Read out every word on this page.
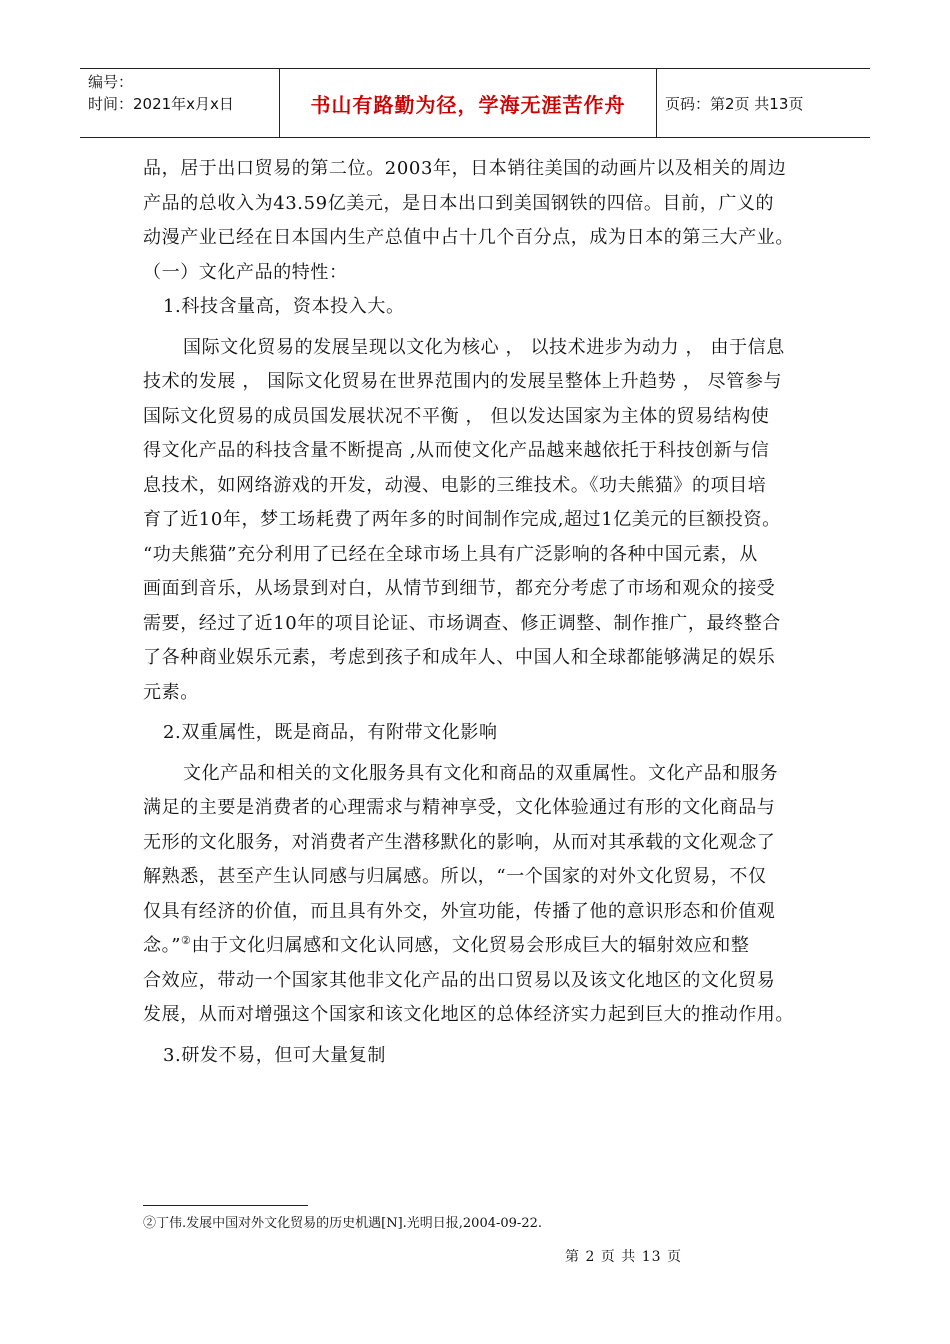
编号：
时间：2021年x月x日	书山有路勤为径，学海无涯苦作舟	页码：第2页 共13页
品，居于出口贸易的第二位。2003年，日本销往美国的动画片以及相关的周边
产品的总收入为43.59亿美元，是日本出口到美国钢铁的四倍。目前，广义的
动漫产业已经在日本国内生产总值中占十几个百分点，成为日本的第三大产业。
（一）文化产品的特性：
1.科技含量高，资本投入大。
国际文化贸易的发展呈现以文化为核心 ， 以技术进步为动力 ， 由于信息
技术的发展 ， 国际文化贸易在世界范围内的发展呈整体上升趋势 ， 尽管参与
国际文化贸易的成员国发展状况不平衡 ， 但以发达国家为主体的贸易结构使
得文化产品的科技含量不断提高 ,从而使文化产品越来越依托于科技创新与信
息技术，如网络游戏的开发，动漫、电影的三维技术。《功夫熊猫》的项目培
育了近10年，梦工场耗费了两年多的时间制作完成,超过1亿美元的巨额投资。
“功夫熊猫”充分利用了已经在全球市场上具有广泛影响的各种中国元素，从
画面到音乐，从场景到对白，从情节到细节，都充分考虑了市场和观众的接受
需要，经过了近10年的项目论证、市场调查、修正调整、制作推广，最终整合
了各种商业娱乐元素，考虑到孩子和成年人、中国人和全球都能够满足的娱乐
元素。
2.双重属性，既是商品，有附带文化影响
文化产品和相关的文化服务具有文化和商品的双重属性。文化产品和服务
满足的主要是消费者的心理需求与精神享受，文化体验通过有形的文化商品与
无形的文化服务，对消费者产生潜移默化的影响，从而对其承载的文化观念了
解熟悉，甚至产生认同感与归属感。所以，“一个国家的对外文化贸易，不仅
仅具有经济的价值，而且具有外交，外宣功能，传播了他的意识形态和价值观
念。”②由于文化归属感和文化认同感，文化贸易会形成巨大的辐射效应和整
合效应，带动一个国家其他非文化产品的出口贸易以及该文化地区的文化贸易
发展，从而对增强这个国家和该文化地区的总体经济实力起到巨大的推动作用。
3.研发不易，但可大量复制
②丁伟.发展中国对外文化贸易的历史机遇[N].光明日报,2004-09-22.
第 2 页 共 13 页
